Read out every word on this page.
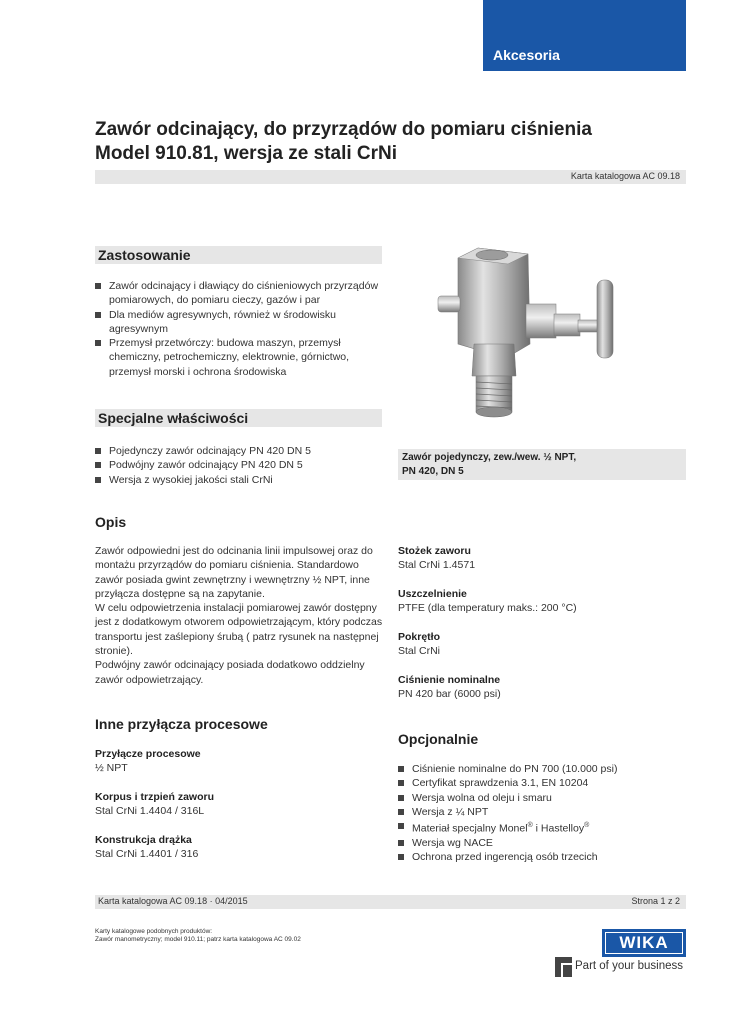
Akcesoria
Zawór odcinający, do przyrządów do pomiaru ciśnienia
Model 910.81, wersja ze stali CrNi
Karta katalogowa AC 09.18
Zastosowanie
Zawór odcinający i dławiący do ciśnieniowych przyrządów pomiarowych, do pomiaru cieczy, gazów i par
Dla mediów agresywnych, również w środowisku agresywnym
Przemysł przetwórczy: budowa maszyn, przemysł chemiczny, petrochemiczny, elektrownie, górnictwo, przemysł morski i ochrona środowiska
Specjalne właściwości
Pojedynczy zawór odcinający PN 420 DN 5
Podwójny zawór odcinający PN 420 DN 5
Wersja z wysokiej jakości stali CrNi
Zawór pojedynczy, zew./wew. ½ NPT,
PN 420, DN 5
Opis
Zawór odpowiedni jest do odcinania linii impulsowej oraz do montażu przyrządów do pomiaru ciśnienia. Standardowo zawór posiada gwint zewnętrzny i wewnętrzny ½ NPT, inne przyłącza dostępne są na zapytanie.
W celu odpowietrzenia instalacji pomiarowej zawór dostępny jest z dodatkowym otworem odpowietrzającym, który podczas transportu jest zaślepiony śrubą ( patrz rysunek na następnej stronie).
Podwójny zawór odcinający posiada dodatkowo oddzielny zawór odpowietrzający.
Stożek zaworu
Stal CrNi 1.4571
Uszczelnienie
PTFE (dla temperatury maks.: 200 °C)
Pokrętło
Stal CrNi
Ciśnienie nominalne
PN 420 bar (6000 psi)
Inne przyłącza procesowe
Przyłącze procesowe
½ NPT
Korpus i trzpień zaworu
Stal CrNi 1.4404 / 316L
Konstrukcja drążka
Stal CrNi 1.4401 / 316
Opcjonalnie
Ciśnienie nominalne do PN 700 (10.000 psi)
Certyfikat sprawdzenia 3.1, EN 10204
Wersja wolna od oleju i smaru
Wersja z ¼ NPT
Materiał specjalny Monel® i Hastelloy®
Wersja wg NACE
Ochrona przed ingerencją osób trzecich
Karta katalogowa AC 09.18 · 04/2015	Strona 1 z 2
Karty katalogowe podobnych produktów:
Zawór manometryczny; model 910.11; patrz karta katalogowa AC 09.02	WIKA
Part of your business
